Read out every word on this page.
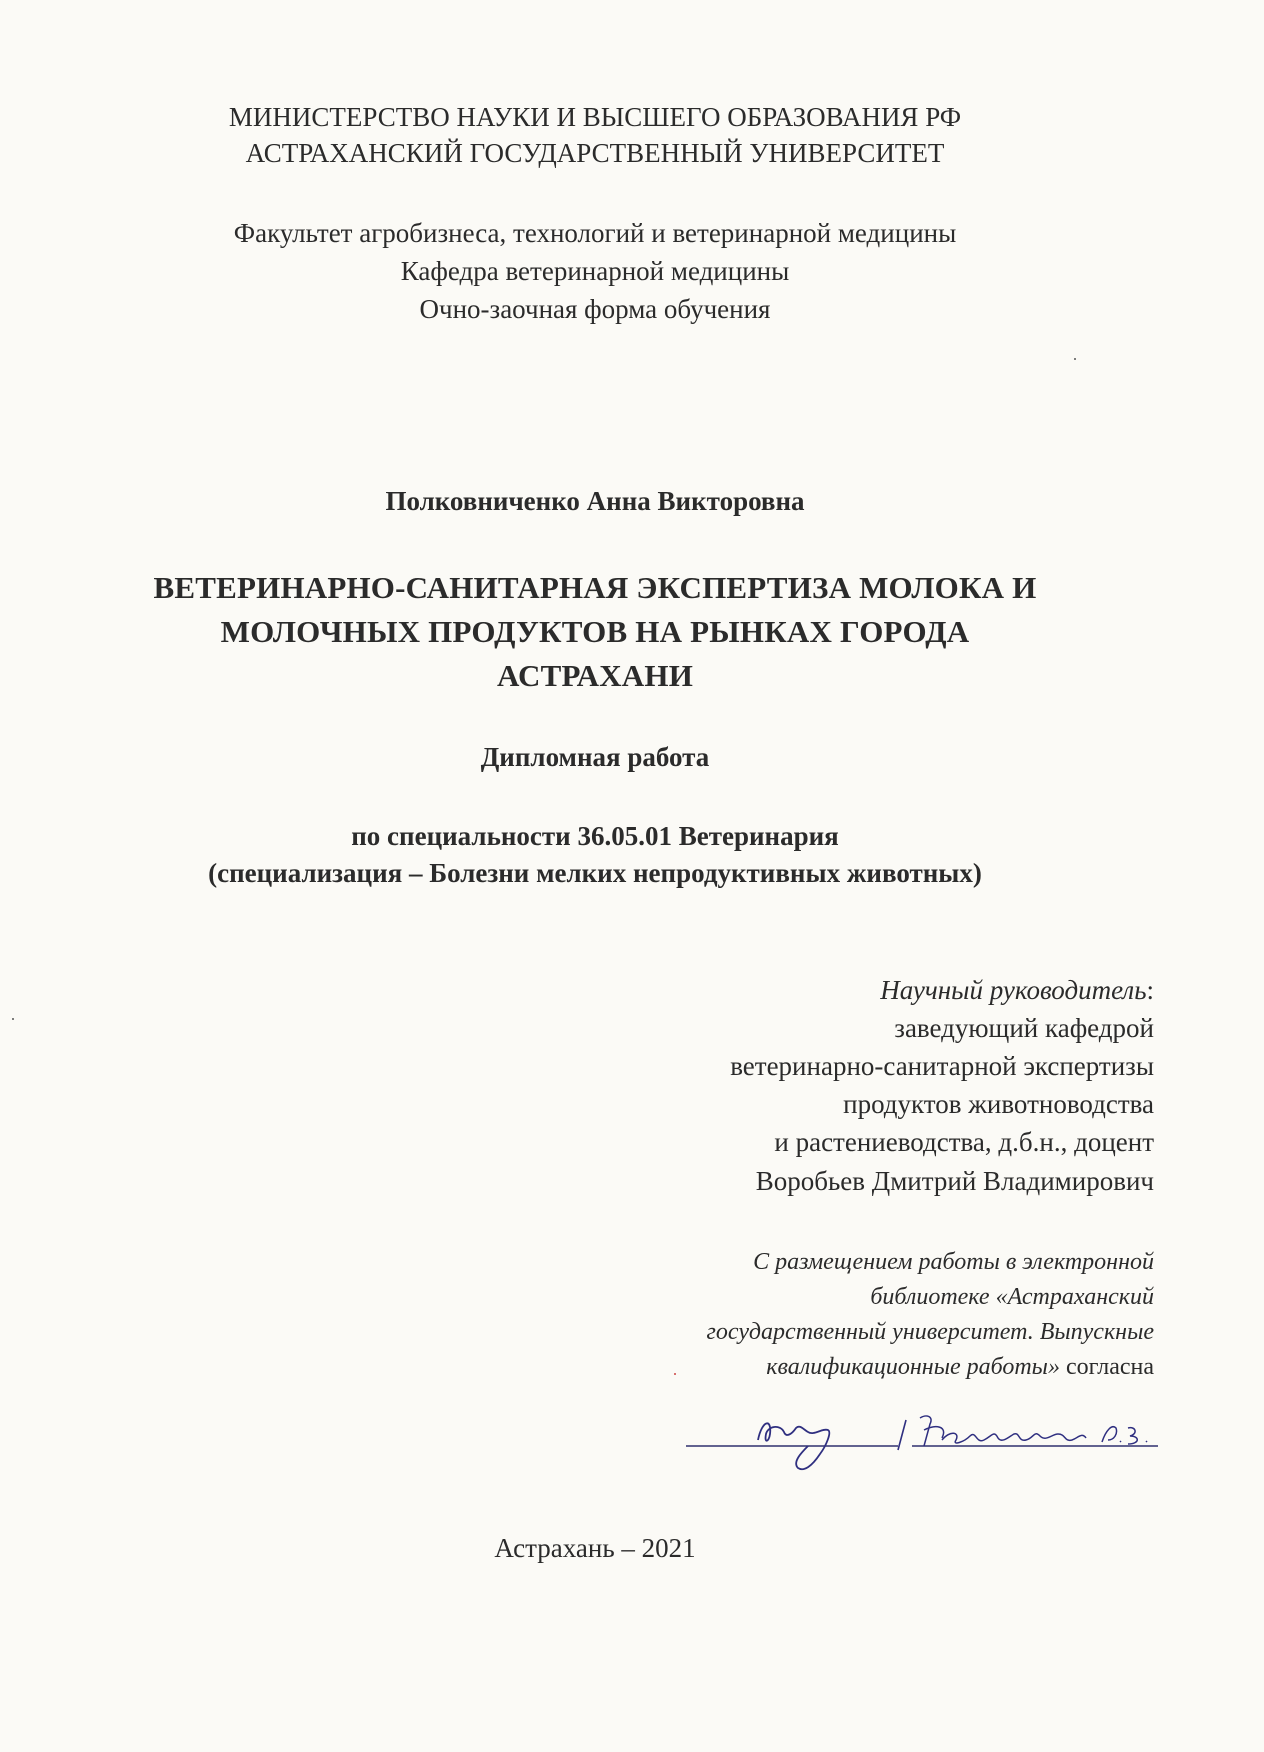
МИНИСТЕРСТВО НАУКИ И ВЫСШЕГО ОБРАЗОВАНИЯ РФ
АСТРАХАНСКИЙ ГОСУДАРСТВЕННЫЙ УНИВЕРСИТЕТ
Факультет агробизнеса, технологий и ветеринарной медицины
Кафедра ветеринарной медицины
Очно-заочная форма обучения
Полковниченко Анна Викторовна
ВЕТЕРИНАРНО-САНИТАРНАЯ ЭКСПЕРТИЗА МОЛОКА И
МОЛОЧНЫХ ПРОДУКТОВ НА РЫНКАХ ГОРОДА
АСТРАХАНИ
Дипломная работа
по специальности 36.05.01 Ветеринария
(специализация – Болезни мелких непродуктивных животных)
Научный руководитель:
заведующий кафедрой
ветеринарно-санитарной экспертизы
продуктов животноводства
и растениеводства, д.б.н., доцент
Воробьев Дмитрий Владимирович
С размещением работы в электронной
библиотеке «Астраханский
государственный университет. Выпускные
квалификационные работы» согласна
Астрахань – 2021
